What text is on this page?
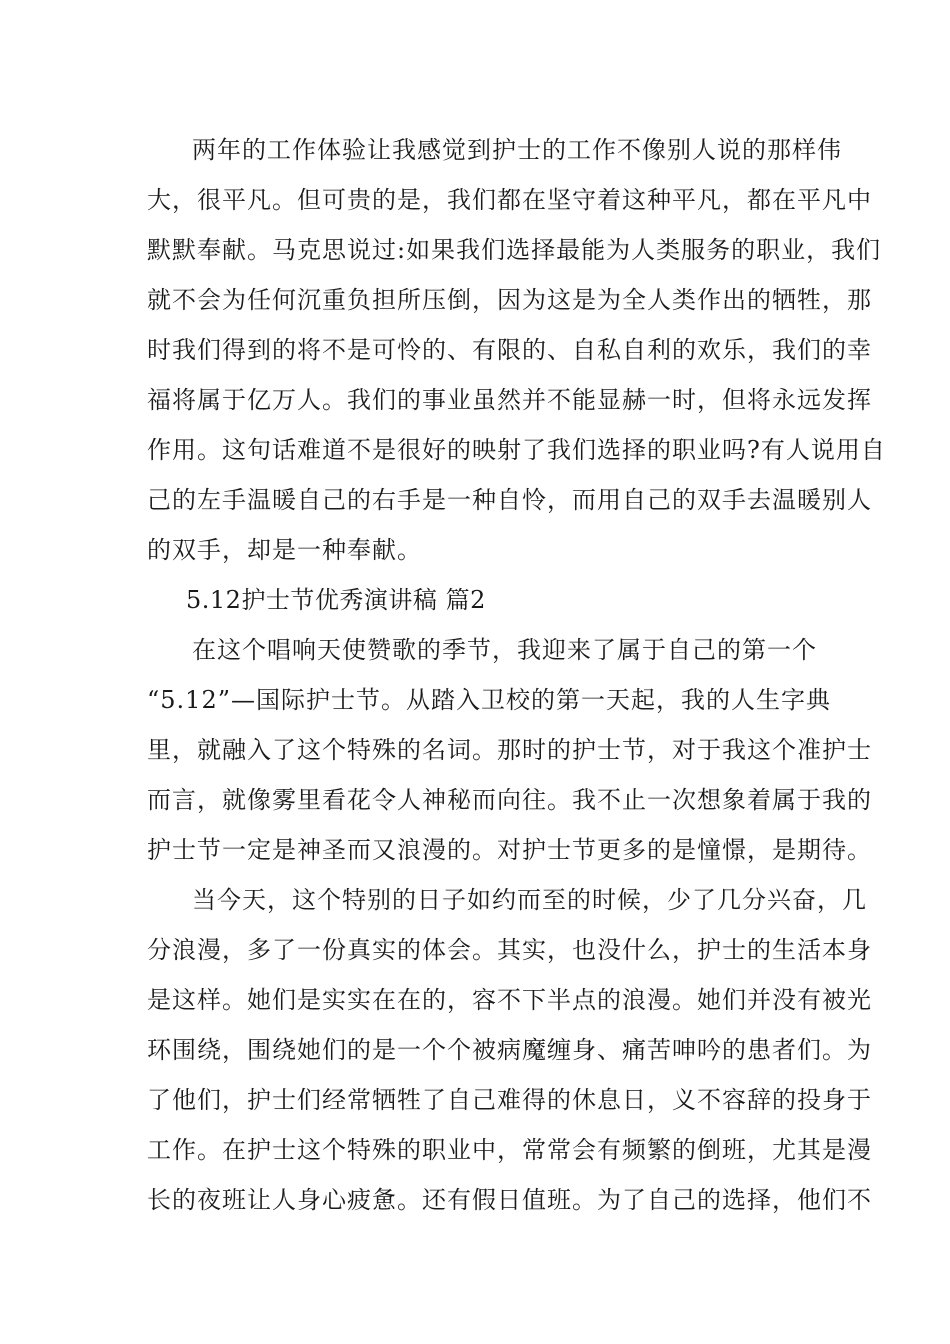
两年的工作体验让我感觉到护士的工作不像别人说的那样伟
大，很平凡。但可贵的是，我们都在坚守着这种平凡，都在平凡中
默默奉献。马克思说过:如果我们选择最能为人类服务的职业，我们
就不会为任何沉重负担所压倒，因为这是为全人类作出的牺牲，那
时我们得到的将不是可怜的、有限的、自私自利的欢乐，我们的幸
福将属于亿万人。我们的事业虽然并不能显赫一时，但将永远发挥
作用。这句话难道不是很好的映射了我们选择的职业吗?有人说用自
己的左手温暖自己的右手是一种自怜，而用自己的双手去温暖别人
的双手，却是一种奉献。
5.12护士节优秀演讲稿 篇2
在这个唱响天使赞歌的季节，我迎来了属于自己的第一个
“5.12”—国际护士节。从踏入卫校的第一天起，我的人生字典
里，就融入了这个特殊的名词。那时的护士节，对于我这个准护士
而言，就像雾里看花令人神秘而向往。我不止一次想象着属于我的
护士节一定是神圣而又浪漫的。对护士节更多的是憧憬，是期待。
当今天，这个特别的日子如约而至的时候，少了几分兴奋，几
分浪漫，多了一份真实的体会。其实，也没什么，护士的生活本身
是这样。她们是实实在在的，容不下半点的浪漫。她们并没有被光
环围绕，围绕她们的是一个个被病魔缠身、痛苦呻吟的患者们。为
了他们，护士们经常牺牲了自己难得的休息日，义不容辞的投身于
工作。在护士这个特殊的职业中，常常会有频繁的倒班，尤其是漫
长的夜班让人身心疲惫。还有假日值班。为了自己的选择，他们不
